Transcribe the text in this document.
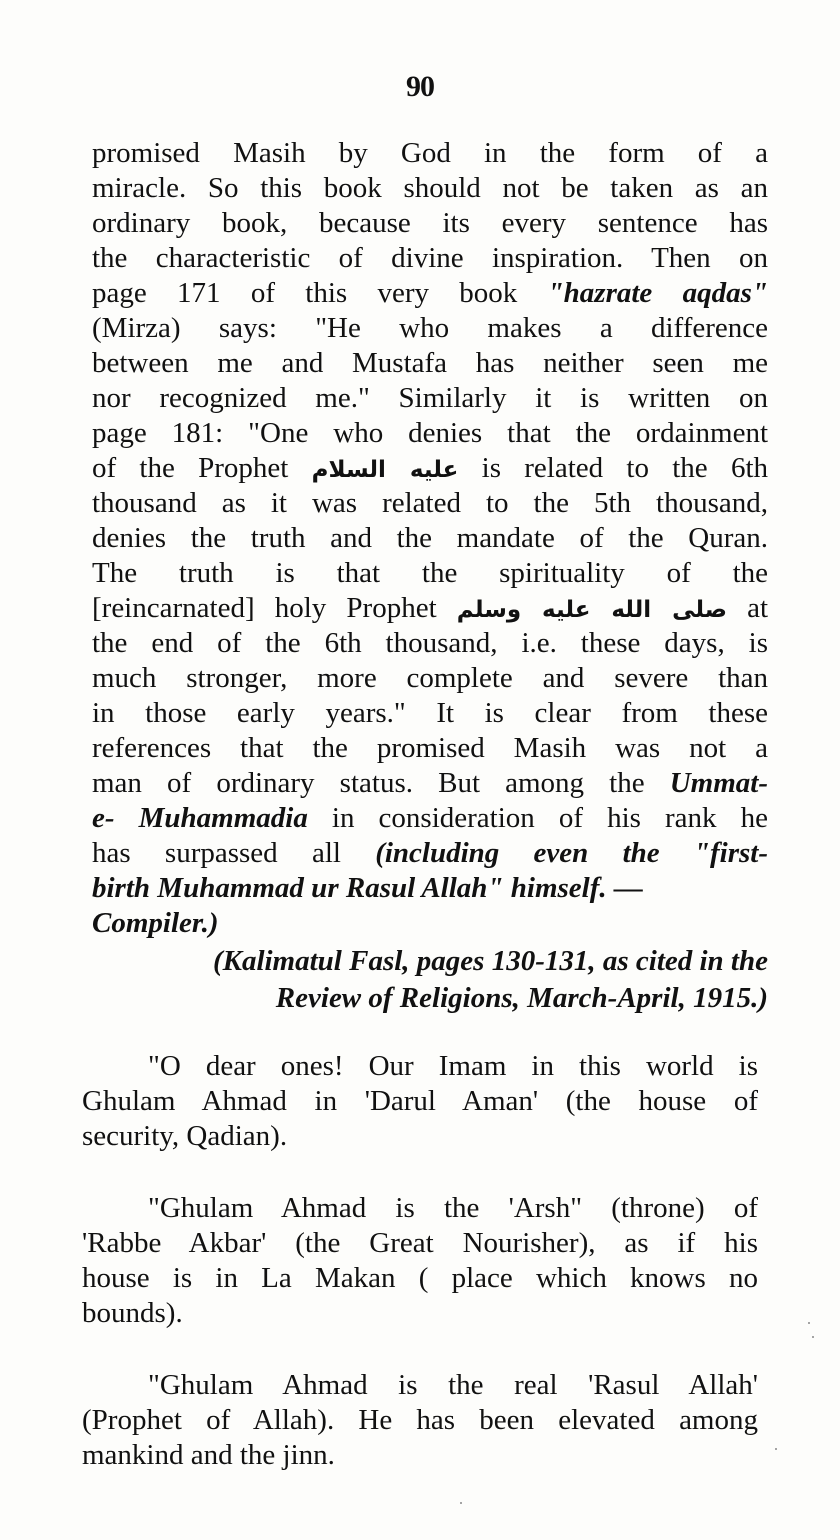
90

promised Masih by God in the form of a

miracle. So this book should not be taken as an

ordinary book, because its every sentence has

the characteristic of divine inspiration. Then on

page 171 of this very book "hazrate aqdas"

(Mirza) says: "He who makes a difference

between me and Mustafa has neither seen me

nor recognized me." Similarly it is written on

page 181: "One who denies that the ordainment

of the Prophet عليه السلام is related to the 6th

thousand as it was related to the 5th thousand,

denies the truth and the mandate of the Quran.

The truth is that the spirituality of the

[reincarnated] holy Prophet صلى الله عليه وسلم at

the end of the 6th thousand, i.e. these days, is

much stronger, more complete and severe than

in those early years." It is clear from these

references that the promised Masih was not a

man of ordinary status. But among the Ummat-

e- Muhammadia in consideration of his rank he

has surpassed all (including even the "first-

birth Muhammad ur Rasul Allah" himself. —

Compiler.)

(Kalimatul Fasl, pages 130-131, as cited in the

Review of Religions, March-April, 1915.)

"O dear ones! Our Imam in this world is

Ghulam Ahmad in 'Darul Aman' (the house of

security, Qadian).

"Ghulam Ahmad is the 'Arsh" (throne) of

'Rabbe Akbar' (the Great Nourisher), as if his

house is in La Makan ( place which knows no

bounds).

"Ghulam Ahmad is the real 'Rasul Allah'

(Prophet of Allah). He has been elevated among

mankind and the jinn.
